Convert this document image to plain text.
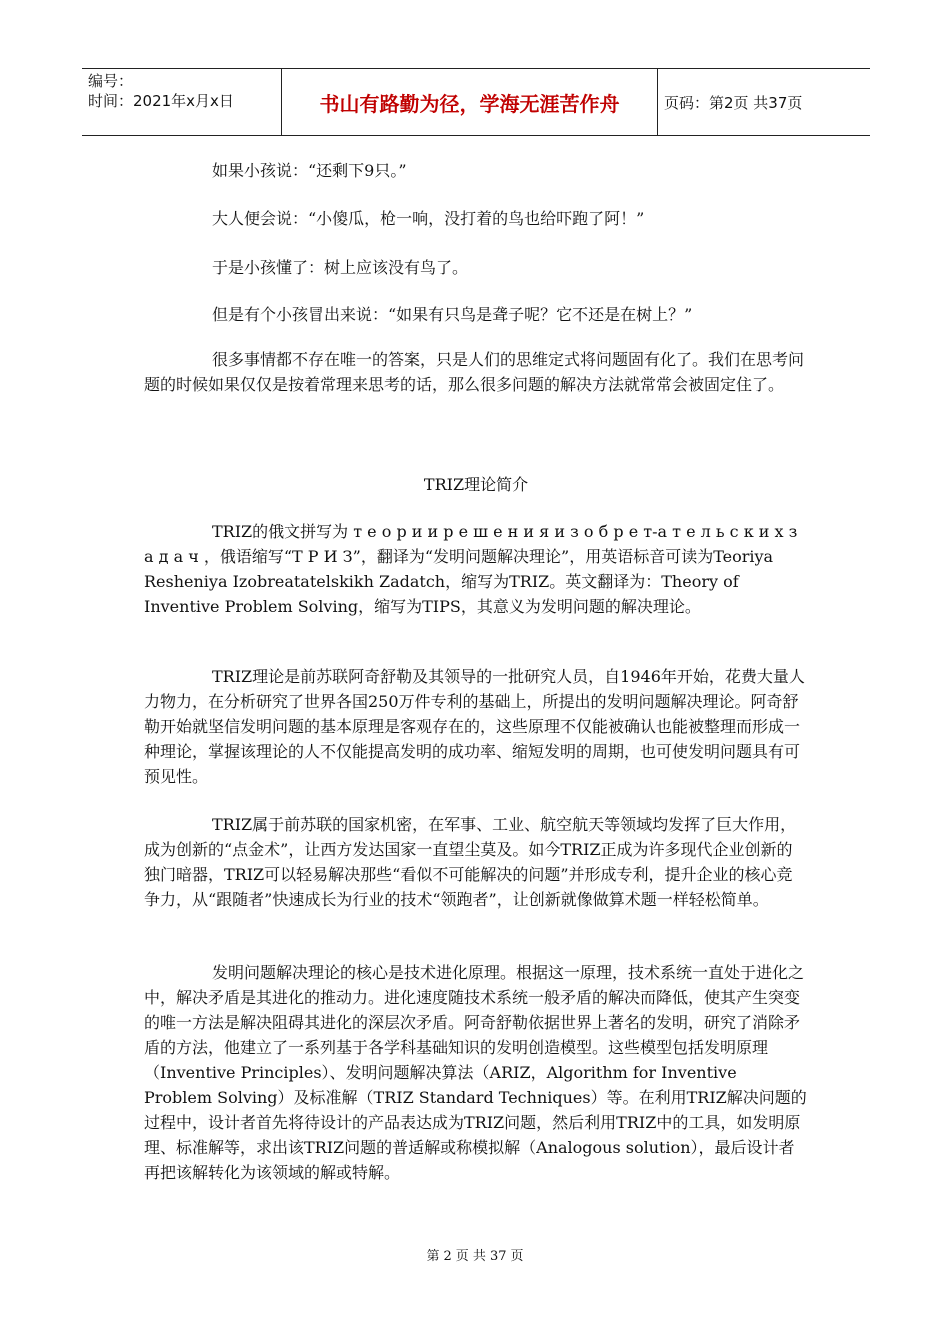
编号：
时间：2021年x月x日	书山有路勤为径，学海无涯苦作舟	页码：第2页 共37页

如果小孩说：“还剩下9只。”

大人便会说：“小傻瓜，枪一响，没打着的鸟也给吓跑了阿！”

于是小孩懂了：树上应该没有鸟了。

但是有个小孩冒出来说：“如果有只鸟是聋子呢？它不还是在树上？”

很多事情都不存在唯一的答案，只是人们的思维定式将问题固有化了。我们在思考问题的时候如果仅仅是按着常理来思考的话，那么很多问题的解决方法就常常会被固定住了。

TRIZ理论简介

TRIZ的俄文拼写为 т е о р и и р е ш е н и я и з о б р е т-а т е л ь с к и х з а д а ч ，俄语缩写“Т Р И З”，翻译为“发明问题解决理论”，用英语标音可读为Teoriya Resheniya Izobreatatelskikh Zadatch，缩写为TRIZ。英文翻译为：Theory of Inventive Problem Solving，缩写为TIPS，其意义为发明问题的解决理论。

TRIZ理论是前苏联阿奇舒勒及其领导的一批研究人员，自1946年开始，花费大量人力物力，在分析研究了世界各国250万件专利的基础上，所提出的发明问题解决理论。阿奇舒勒开始就坚信发明问题的基本原理是客观存在的，这些原理不仅能被确认也能被整理而形成一种理论，掌握该理论的人不仅能提高发明的成功率、缩短发明的周期，也可使发明问题具有可预见性。

TRIZ属于前苏联的国家机密，在军事、工业、航空航天等领域均发挥了巨大作用，成为创新的“点金术”，让西方发达国家一直望尘莫及。如今TRIZ正成为许多现代企业创新的独门暗器，TRIZ可以轻易解决那些“看似不可能解决的问题”并形成专利，提升企业的核心竞争力，从“跟随者”快速成长为行业的技术“领跑者”，让创新就像做算术题一样轻松简单。

发明问题解决理论的核心是技术进化原理。根据这一原理，技术系统一直处于进化之中，解决矛盾是其进化的推动力。进化速度随技术系统一般矛盾的解决而降低，使其产生突变的唯一方法是解决阻碍其进化的深层次矛盾。阿奇舒勒依据世界上著名的发明，研究了消除矛盾的方法，他建立了一系列基于各学科基础知识的发明创造模型。这些模型包括发明原理（Inventive Principles）、发明问题解决算法（ARIZ，Algorithm for Inventive Problem Solving）及标准解（TRIZ Standard Techniques）等。在利用TRIZ解决问题的过程中，设计者首先将待设计的产品表达成为TRIZ问题，然后利用TRIZ中的工具，如发明原理、标准解等，求出该TRIZ问题的普适解或称模拟解（Analogous solution），最后设计者再把该解转化为该领域的解或特解。

第 2 页 共 37 页
